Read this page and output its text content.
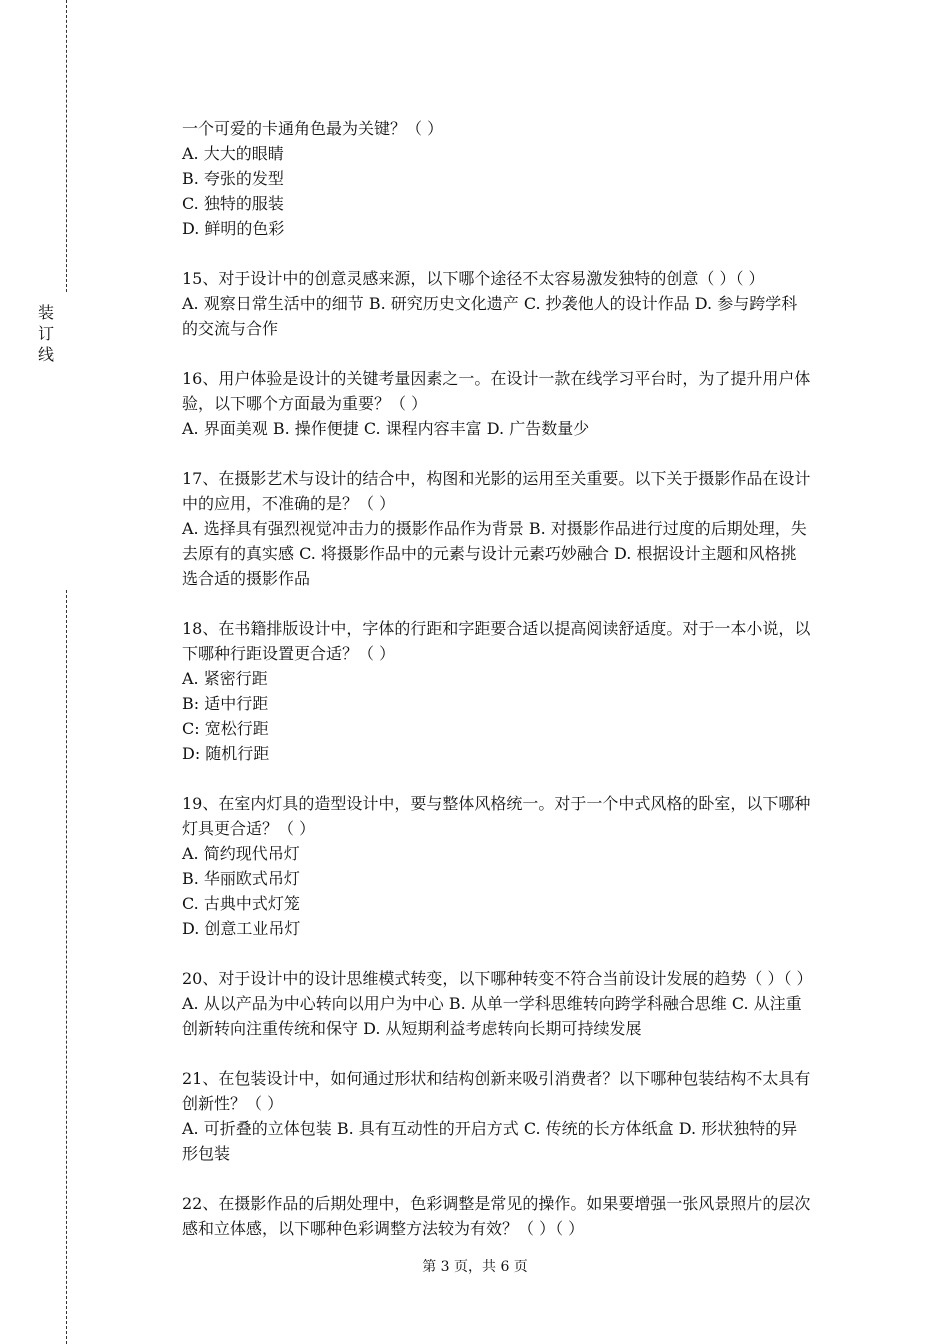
装
订
线
一个可爱的卡通角色最为关键？（ ）
A. 大大的眼睛
B. 夸张的发型
C. 独特的服装
D. 鲜明的色彩
15、对于设计中的创意灵感来源，以下哪个途径不太容易激发独特的创意（ ）（ ）
A. 观察日常生活中的细节 B. 研究历史文化遗产 C. 抄袭他人的设计作品 D. 参与跨学科
的交流与合作
16、用户体验是设计的关键考量因素之一。在设计一款在线学习平台时，为了提升用户体
验，以下哪个方面最为重要？（ ）
A. 界面美观 B. 操作便捷 C. 课程内容丰富 D. 广告数量少
17、在摄影艺术与设计的结合中，构图和光影的运用至关重要。以下关于摄影作品在设计
中的应用，不准确的是？（ ）
A. 选择具有强烈视觉冲击力的摄影作品作为背景 B. 对摄影作品进行过度的后期处理，失
去原有的真实感 C. 将摄影作品中的元素与设计元素巧妙融合 D. 根据设计主题和风格挑
选合适的摄影作品
18、在书籍排版设计中，字体的行距和字距要合适以提高阅读舒适度。对于一本小说，以
下哪种行距设置更合适？（ ）
A. 紧密行距
B: 适中行距
C: 宽松行距
D: 随机行距
19、在室内灯具的造型设计中，要与整体风格统一。对于一个中式风格的卧室，以下哪种
灯具更合适？（ ）
A. 简约现代吊灯
B. 华丽欧式吊灯
C. 古典中式灯笼
D. 创意工业吊灯
20、对于设计中的设计思维模式转变，以下哪种转变不符合当前设计发展的趋势（ ）（ ）
A. 从以产品为中心转向以用户为中心 B. 从单一学科思维转向跨学科融合思维 C. 从注重
创新转向注重传统和保守 D. 从短期利益考虑转向长期可持续发展
21、在包装设计中，如何通过形状和结构创新来吸引消费者？以下哪种包装结构不太具有
创新性？（ ）
A. 可折叠的立体包装 B. 具有互动性的开启方式 C. 传统的长方体纸盒 D. 形状独特的异
形包装
22、在摄影作品的后期处理中，色彩调整是常见的操作。如果要增强一张风景照片的层次
感和立体感，以下哪种色彩调整方法较为有效？（ ）（ ）
第 3 页，共 6 页
